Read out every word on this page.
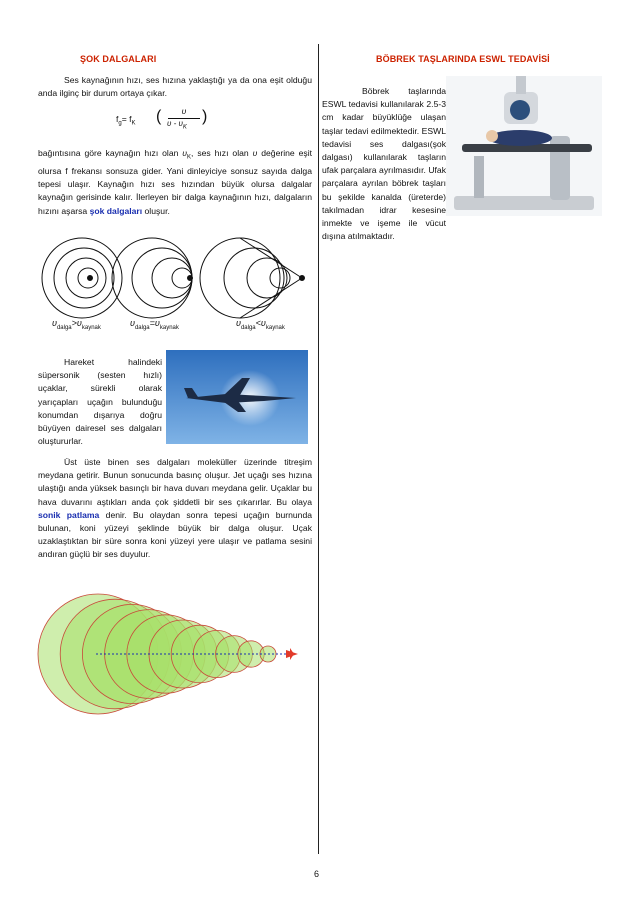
ŞOK DALGALARI
Ses kaynağının hızı, ses hızına yaklaştığı ya da ona eşit olduğu anda ilginç bir durum ortaya çıkar.
$f_g= f_K$ (	υ
υ - $\upsilon_K$
)
bağıntısına göre kaynağın hızı olan $\upsilon_K$, ses hızı olan υ değerine eşit olursa f frekansı sonsuza gider. Yani dinleyiciye sonsuz sayıda dalga tepesi ulaşır. Kaynağın hızı ses hızından büyük olursa dalgalar kaynağın gerisinde kalır. İlerleyen bir dalga kaynağının hızı, dalgaların hızını aşarsa şok dalgaları oluşur.
$\upsilon_{dalga}>\upsilon_{kaynak}$	$\upsilon_{dalga}=\upsilon_{kaynak}$	$\upsilon_{dalga}<\upsilon_{kaynak}$
Hareket halindeki süpersonik (sesten hızlı) uçaklar, sürekli olarak yarıçapları uçağın bulunduğu konumdan dışarıya doğru büyüyen dairesel ses dalgaları oluştururlar.
Üst üste binen ses dalgaları moleküller üzerinde titreşim meydana getirir. Bunun sonucunda basınç oluşur. Jet uçağı ses hızına ulaştığı anda yüksek basınçlı bir hava duvarı meydana gelir. Uçaklar bu hava duvarını aştıkları anda çok şiddetli bir ses çıkarırlar. Bu olaya sonik patlama denir. Bu olaydan sonra tepesi uçağın burnunda bulunan, koni yüzeyi şeklinde büyük bir dalga oluşur. Uçak uzaklaştıktan bir süre sonra koni yüzeyi yere ulaşır ve patlama sesini andıran güçlü bir ses duyulur.
BÖBREK TAŞLARINDA ESWL TEDAVİSİ
Böbrek taşlarında ESWL tedavisi kullanılarak 2.5-3 cm kadar büyüklüğe ulaşan taşlar tedavi edilmektedir. ESWL tedavisi ses dalgası(şok dalgası) kullanılarak taşların ufak parçalara ayrılmasıdır. Ufak parçalara ayrılan böbrek taşları bu şekilde kanalda (üreterde) takılmadan idrar kesesine inmekte ve işeme ile vücut dışına atılmaktadır.
6
